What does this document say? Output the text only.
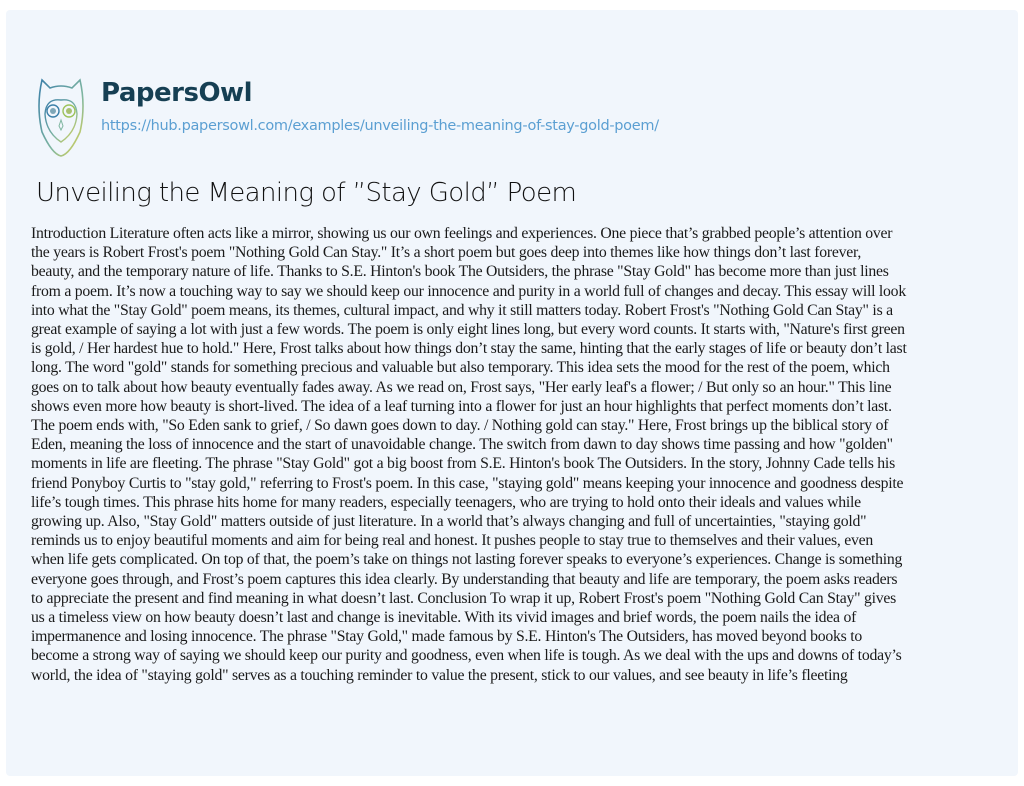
PapersOwl
https://hub.papersowl.com/examples/unveiling-the-meaning-of-stay-gold-poem/
Unveiling the Meaning of ”Stay Gold” Poem
Introduction Literature often acts like a mirror, showing us our own feelings and experiences. One piece that’s grabbed people’s attention over
the years is Robert Frost's poem "Nothing Gold Can Stay." It’s a short poem but goes deep into themes like how things don’t last forever,
beauty, and the temporary nature of life. Thanks to S.E. Hinton's book The Outsiders, the phrase "Stay Gold" has become more than just lines
from a poem. It’s now a touching way to say we should keep our innocence and purity in a world full of changes and decay. This essay will look
into what the "Stay Gold" poem means, its themes, cultural impact, and why it still matters today. Robert Frost's "Nothing Gold Can Stay" is a
great example of saying a lot with just a few words. The poem is only eight lines long, but every word counts. It starts with, "Nature's first green
is gold, / Her hardest hue to hold." Here, Frost talks about how things don’t stay the same, hinting that the early stages of life or beauty don’t last
long. The word "gold" stands for something precious and valuable but also temporary. This idea sets the mood for the rest of the poem, which
goes on to talk about how beauty eventually fades away. As we read on, Frost says, "Her early leaf's a flower; / But only so an hour." This line
shows even more how beauty is short-lived. The idea of a leaf turning into a flower for just an hour highlights that perfect moments don’t last.
The poem ends with, "So Eden sank to grief, / So dawn goes down to day. / Nothing gold can stay." Here, Frost brings up the biblical story of
Eden, meaning the loss of innocence and the start of unavoidable change. The switch from dawn to day shows time passing and how "golden"
moments in life are fleeting. The phrase "Stay Gold" got a big boost from S.E. Hinton's book The Outsiders. In the story, Johnny Cade tells his
friend Ponyboy Curtis to "stay gold," referring to Frost's poem. In this case, "staying gold" means keeping your innocence and goodness despite
life’s tough times. This phrase hits home for many readers, especially teenagers, who are trying to hold onto their ideals and values while
growing up. Also, "Stay Gold" matters outside of just literature. In a world that’s always changing and full of uncertainties, "staying gold"
reminds us to enjoy beautiful moments and aim for being real and honest. It pushes people to stay true to themselves and their values, even
when life gets complicated. On top of that, the poem’s take on things not lasting forever speaks to everyone’s experiences. Change is something
everyone goes through, and Frost’s poem captures this idea clearly. By understanding that beauty and life are temporary, the poem asks readers
to appreciate the present and find meaning in what doesn’t last. Conclusion To wrap it up, Robert Frost's poem "Nothing Gold Can Stay" gives
us a timeless view on how beauty doesn’t last and change is inevitable. With its vivid images and brief words, the poem nails the idea of
impermanence and losing innocence. The phrase "Stay Gold," made famous by S.E. Hinton's The Outsiders, has moved beyond books to
become a strong way of saying we should keep our purity and goodness, even when life is tough. As we deal with the ups and downs of today’s
world, the idea of "staying gold" serves as a touching reminder to value the present, stick to our values, and see beauty in life’s fleeting
